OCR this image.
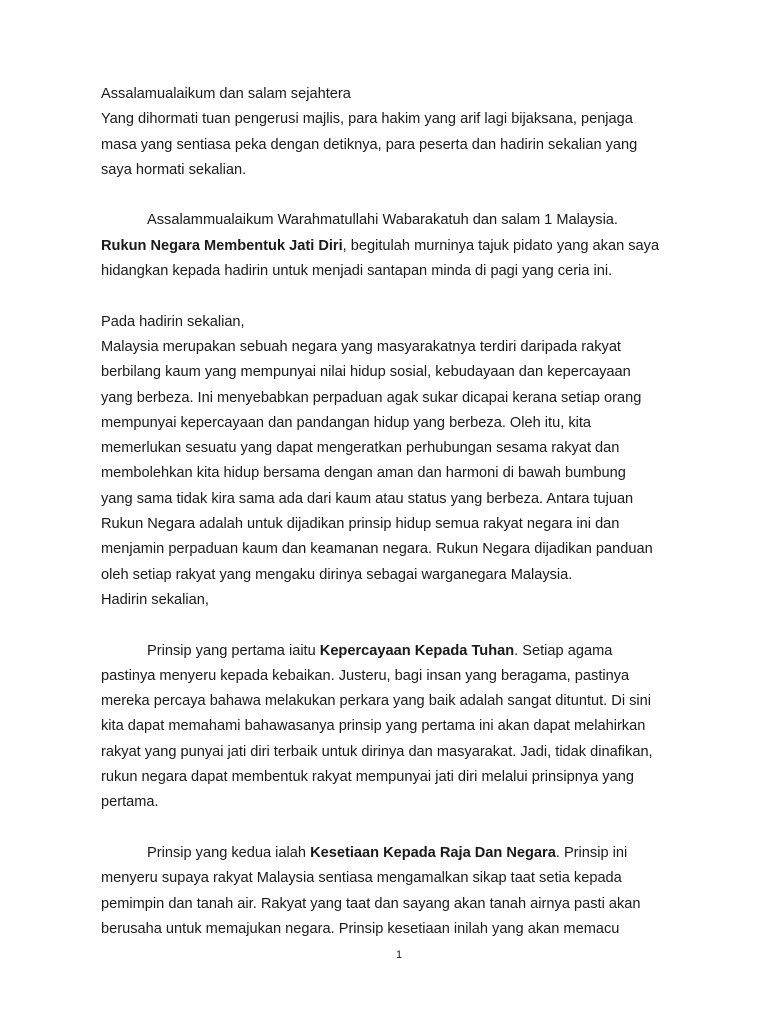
Assalamualaikum dan salam sejahtera
Yang dihormati tuan pengerusi majlis, para hakim yang arif lagi bijaksana, penjaga
masa yang sentiasa peka dengan detiknya, para peserta dan hadirin sekalian yang
saya hormati sekalian.
Assalammualaikum Warahmatullahi Wabarakatuh dan salam 1 Malaysia.
Rukun Negara Membentuk Jati Diri, begitulah murninya tajuk pidato yang akan saya
hidangkan kepada hadirin untuk menjadi santapan minda di pagi yang ceria ini.
Pada hadirin sekalian,
Malaysia merupakan sebuah negara yang masyarakatnya terdiri daripada rakyat
berbilang kaum yang mempunyai nilai hidup sosial, kebudayaan dan kepercayaan
yang berbeza. Ini menyebabkan perpaduan agak sukar dicapai kerana setiap orang
mempunyai kepercayaan dan pandangan hidup yang berbeza. Oleh itu, kita
memerlukan sesuatu yang dapat mengeratkan perhubungan sesama rakyat dan
membolehkan kita hidup bersama dengan aman dan harmoni di bawah bumbung
yang sama tidak kira sama ada dari kaum atau status yang berbeza. Antara tujuan
Rukun Negara adalah untuk dijadikan prinsip hidup semua rakyat negara ini dan
menjamin perpaduan kaum dan keamanan negara. Rukun Negara dijadikan panduan
oleh setiap rakyat yang mengaku dirinya sebagai warganegara Malaysia.
Hadirin sekalian,
Prinsip yang pertama iaitu Kepercayaan Kepada Tuhan. Setiap agama
pastinya menyeru kepada kebaikan. Justeru, bagi insan yang beragama, pastinya
mereka percaya bahawa melakukan perkara yang baik adalah sangat dituntut. Di sini
kita dapat memahami bahawasanya prinsip yang pertama ini akan dapat melahirkan
rakyat yang punyai jati diri terbaik untuk dirinya dan masyarakat. Jadi, tidak dinafikan,
rukun negara dapat membentuk rakyat mempunyai jati diri melalui prinsipnya yang
pertama.
Prinsip yang kedua ialah Kesetiaan Kepada Raja Dan Negara. Prinsip ini
menyeru supaya rakyat Malaysia sentiasa mengamalkan sikap taat setia kepada
pemimpin dan tanah air. Rakyat yang taat dan sayang akan tanah airnya pasti akan
berusaha untuk memajukan negara. Prinsip kesetiaan inilah yang akan memacu
1
